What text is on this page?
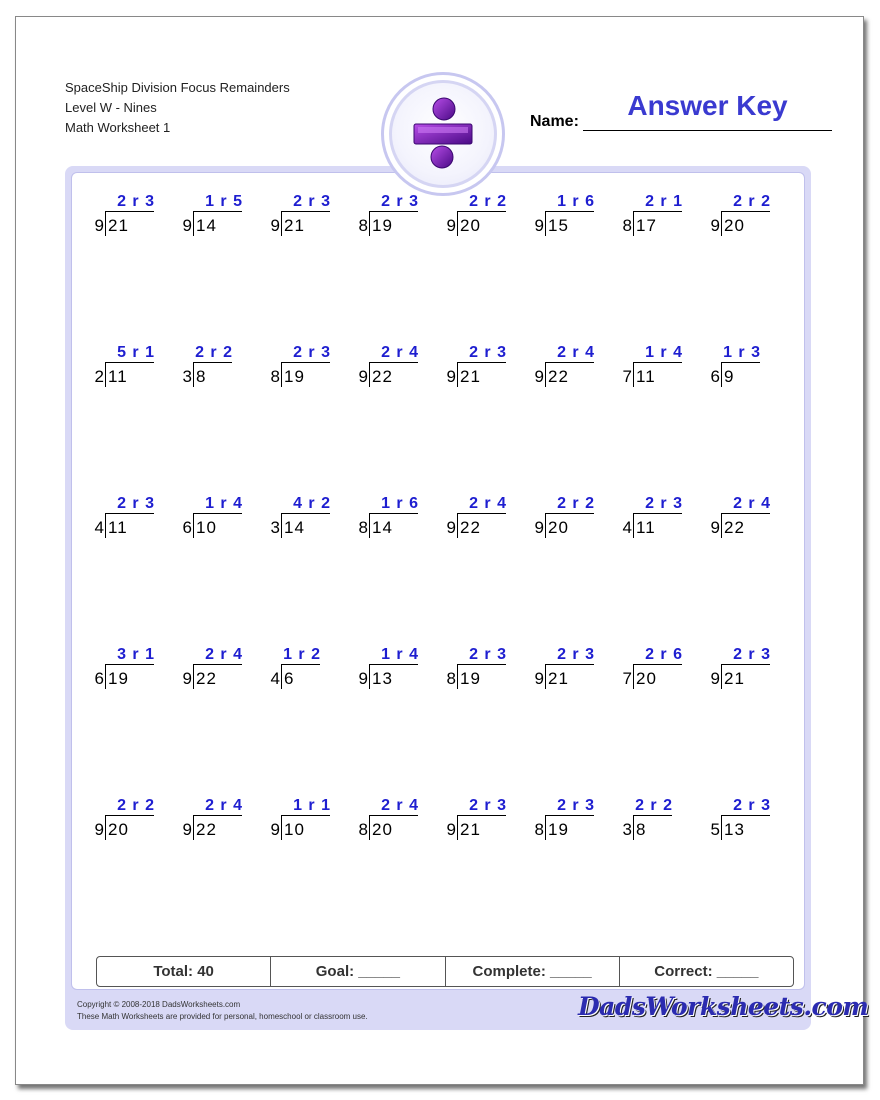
SpaceShip Division Focus Remainders
Level W - Nines
Math Worksheet 1	Name:
Answer Key
2 r 3
9 21
1 r 5
9 14
2 r 3
9 21
2 r 3
8 19
2 r 2
9 20
1 r 6
9 15
2 r 1
8 17
2 r 2
9 20
5 r 1
2 11
2 r 2
3 8
2 r 3
8 19
2 r 4
9 22
2 r 3
9 21
2 r 4
9 22
1 r 4
7 11
1 r 3
6 9
2 r 3
4 11
1 r 4
6 10
4 r 2
3 14
1 r 6
8 14
2 r 4
9 22
2 r 2
9 20
2 r 3
4 11
2 r 4
9 22
3 r 1
6 19
2 r 4
9 22
1 r 2
4 6
1 r 4
9 13
2 r 3
8 19
2 r 3
9 21
2 r 6
7 20
2 r 3
9 21
2 r 2
9 20
2 r 4
9 22
1 r 1
9 10
2 r 4
8 20
2 r 3
9 21
2 r 3
8 19
2 r 2
3 8
2 r 3
5 13
Total: 40	Goal: _____	Complete: _____	Correct: _____
Copyright © 2008-2018 DadsWorksheets.com
These Math Worksheets are provided for personal, homeschool or classroom use.	DadsWorksheets.com
